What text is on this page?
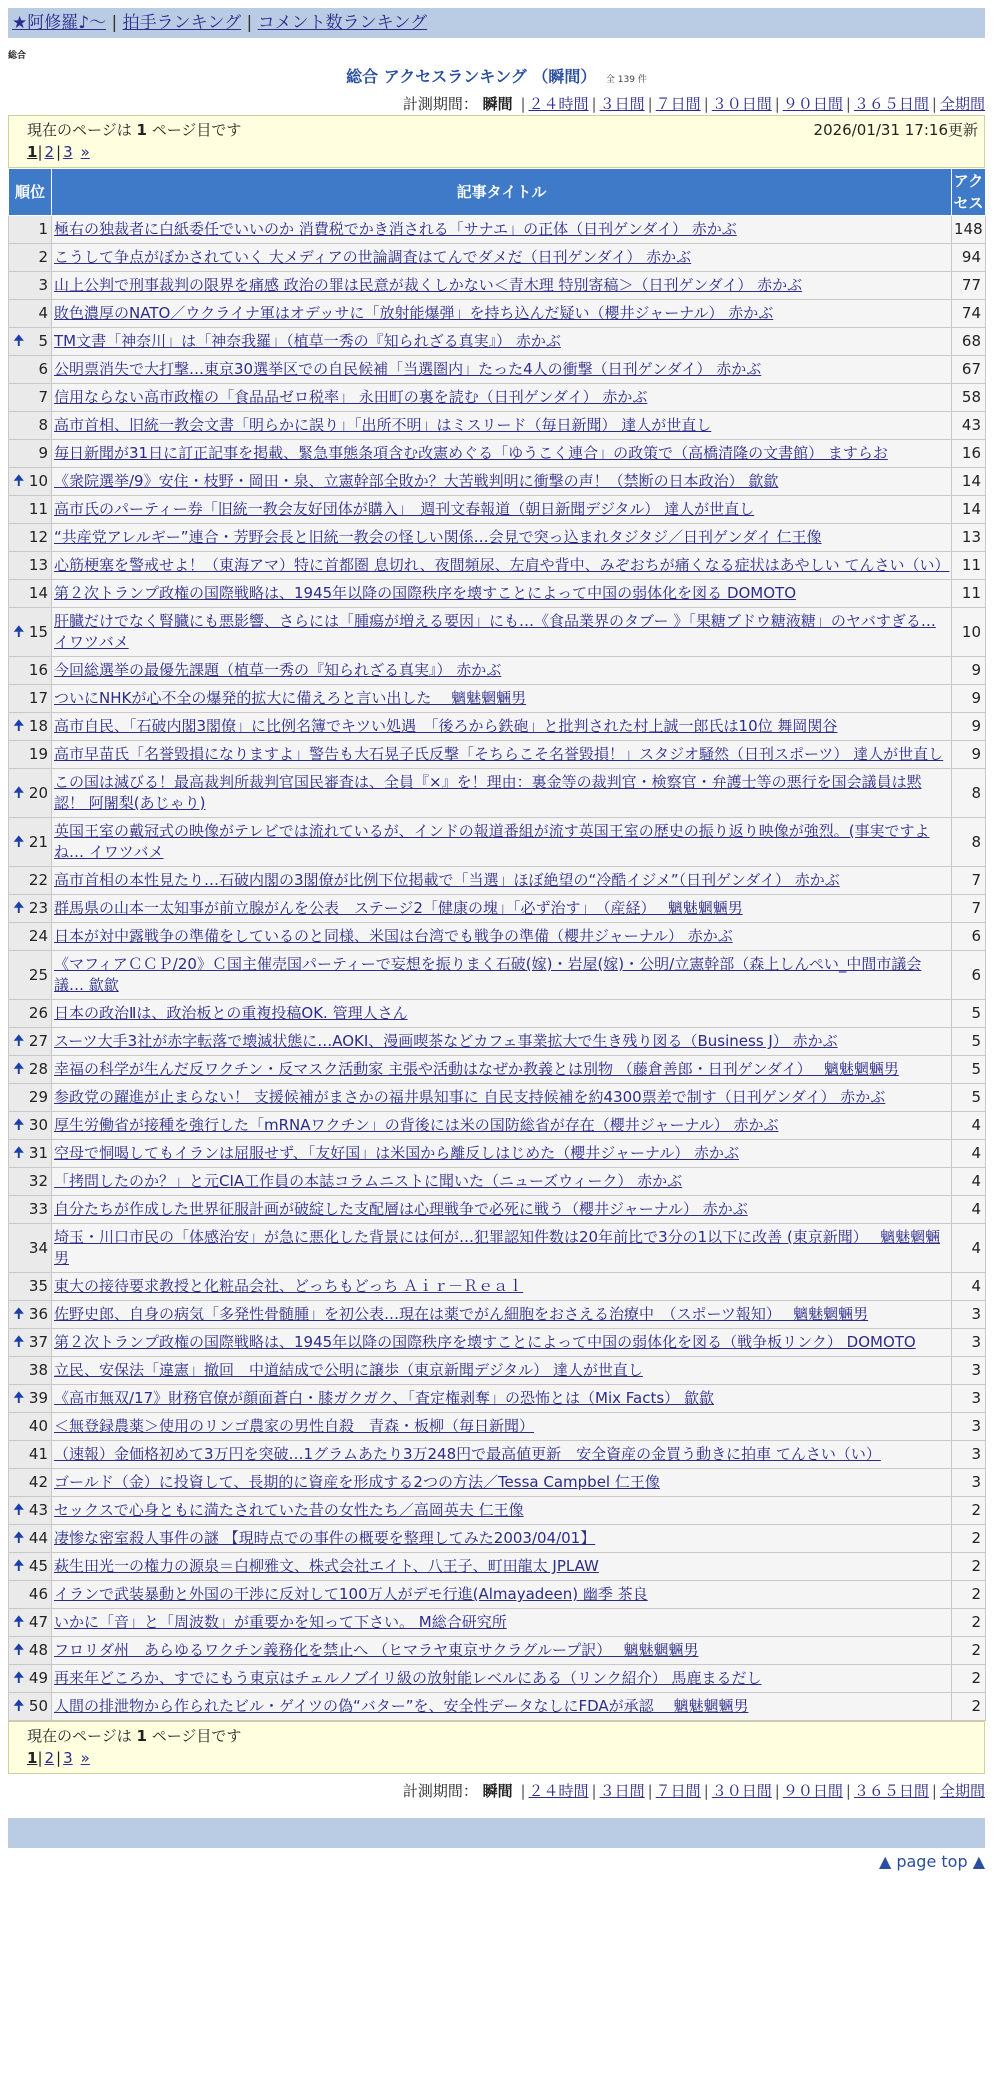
★阿修羅♪～ | 拍手ランキング | コメント数ランキング
総合
総合 アクセスランキング （瞬間） 全 139 件
計測期間： 瞬間 | ２４時間 | ３日間 | ７日間 | ３０日間 | ９０日間 | ３６５日間 | 全期間
現在のページは 1 ページ目です	2026/01/31 17:16更新
1| 2 | 3 »
順位	記事タイトル	アクセス
1	極右の独裁者に白紙委任でいいのか 消費税でかき消される「サナエ」の正体（日刊ゲンダイ） 赤かぶ	148
2	こうして争点がぼかされていく 大メディアの世論調査はてんでダメだ（日刊ゲンダイ） 赤かぶ	94
3	山上公判で刑事裁判の限界を痛感 政治の罪は民意が裁くしかない＜青木理 特別寄稿＞（日刊ゲンダイ） 赤かぶ	77
4	敗色濃厚のNATO／ウクライナ軍はオデッサに「放射能爆弾」を持ち込んだ疑い（櫻井ジャーナル） 赤かぶ	74

🠉 5	TM文書「神奈川」は「神奈我羅」（植草一秀の『知られざる真実』） 赤かぶ	68
6	公明票消失で大打撃…東京30選挙区での自民候補「当選圏内」たった4人の衝撃（日刊ゲンダイ） 赤かぶ	67
7	信用ならない高市政権の「食品品ゼロ税率」 永田町の裏を読む（日刊ゲンダイ） 赤かぶ	58
8	高市首相、旧統一教会文書「明らかに誤り」「出所不明」はミスリード（毎日新聞） 達人が世直し	43
9	毎日新聞が31日に訂正記事を掲載、緊急事態条項含む改憲めぐる「ゆうこく連合」の政策で（高橋清隆の文書館） ますらお	16

🠉 10	《衆院選挙/9》安住・枝野・岡田・泉、立憲幹部全敗か？大苦戦判明に衝撃の声！（禁断の日本政治） 歙歙	14
11	高市氏のパーティー券「旧統一教会友好団体が購入」　週刊文春報道（朝日新聞デジタル） 達人が世直し	14
12	“共産党アレルギー”連合・芳野会長と旧統一教会の怪しい関係…会見で突っ込まれタジタジ／日刊ゲンダイ 仁王像	13
13	心筋梗塞を警戒せよ！（東海アマ）特に首都圏 息切れ、夜間頻尿、左肩や背中、みぞおちが痛くなる症状はあやしい てんさい（い）	11
14	第２次トランプ政権の国際戦略は、1945年以降の国際秩序を壊すことによって中国の弱体化を図る DOMOTO	11

🠉 15	肝臓だけでなく腎臓にも悪影響、さらには「腫瘍が増える要因」にも…《食品業界のタブー 》「果糖ブドウ糖液糖」のヤバすぎる… イワツバメ	10
16	今回総選挙の最優先課題（植草一秀の『知られざる真実』） 赤かぶ	9
17	ついにNHKが心不全の爆発的拡大に備えろと言い出した　 魑魅魍魎男	9

🠉 18	高市自民、「石破内閣3閣僚」に比例名簿でキツい処遇　「後ろから鉄砲」と批判された村上誠一郎氏は10位 舞岡関谷	9
19	高市早苗氏「名誉毀損になりますよ」警告も大石晃子氏反撃「そちらこそ名誉毀損！」スタジオ騒然（日刊スポーツ） 達人が世直し	9

🠉 20	この国は滅びる！最高裁判所裁判官国民審査は、全員『×』を！理由：裏金等の裁判官・検察官・弁護士等の悪行を国会議員は黙認！ 阿闍梨(あじゃり)	8

🠉 21	英国王室の戴冠式の映像がテレビでは流れているが、インドの報道番組が流す英国王室の歴史の振り返り映像が強烈。(事実ですよね… イワツバメ	8
22	高市首相の本性見たり…石破内閣の3閣僚が比例下位掲載で「当選」ほぼ絶望の“冷酷イジメ”（日刊ゲンダイ） 赤かぶ	7

🠉 23	群馬県の山本一太知事が前立腺がんを公表　ステージ2「健康の塊」「必ず治す」　（産経）　 魑魅魍魎男	7
24	日本が対中露戦争の準備をしているのと同様、米国は台湾でも戦争の準備（櫻井ジャーナル） 赤かぶ	6
25	《マフィアＣＣＰ/20》Ｃ国主催売国パーティーで妄想を振りまく石破(嫁)・岩屋(嫁)・公明/立憲幹部（森上しんぺい_中間市議会議… 歙歙	6
26	日本の政治Ⅱは、政治板との重複投稿OK. 管理人さん	5

🠉 27	スーツ大手3社が赤字転落で壊滅状態に…AOKI、漫画喫茶などカフェ事業拡大で生き残り図る（Business J） 赤かぶ	5

🠉 28	幸福の科学が生んだ反ワクチン・反マスク活動家 主張や活動はなぜか教義とは別物 （藤倉善郎・日刊ゲンダイ）　 魑魅魍魎男	5
29	参政党の躍進が止まらない！ 支援候補がまさかの福井県知事に 自民支持候補を約4300票差で制す（日刊ゲンダイ） 赤かぶ	5

🠉 30	厚生労働省が接種を強行した「mRNAワクチン」の背後には米の国防総省が存在（櫻井ジャーナル） 赤かぶ	4

🠉 31	空母で恫喝してもイランは屈服せず、「友好国」は米国から離反しはじめた（櫻井ジャーナル） 赤かぶ	4
32	「拷問したのか？」と元CIA工作員の本誌コラムニストに聞いた（ニューズウィーク） 赤かぶ	4
33	自分たちが作成した世界征服計画が破綻した支配層は心理戦争で必死に戦う（櫻井ジャーナル） 赤かぶ	4
34	埼玉・川口市民の「体感治安」が急に悪化した背景には何が…犯罪認知件数は20年前比で3分の1以下に改善 (東京新聞）　 魑魅魍魎男	4
35	東大の接待要求教授と化粧品会社、どっちもどっち Ａｉｒ－Ｒｅａｌ	4

🠉 36	佐野史郎、自身の病気「多発性骨髄腫」を初公表…現在は薬でがん細胞をおさえる治療中　（スポーツ報知）　 魑魅魍魎男	3

🠉 37	第２次トランプ政権の国際戦略は、1945年以降の国際秩序を壊すことによって中国の弱体化を図る（戦争板リンク） DOMOTO	3
38	立民、安保法「違憲」撤回　中道結成で公明に譲歩（東京新聞デジタル） 達人が世直し	3

🠉 39	《高市無双/17》財務官僚が顔面蒼白・膝ガクガク、「査定権剥奪」の恐怖とは（Mix Facts） 歙歙	3
40	＜無登録農薬＞使用のリンゴ農家の男性自殺　青森・板柳（毎日新聞）	3
41	（速報）金価格初めて3万円を突破…1グラムあたり3万248円で最高値更新　安全資産の金買う動きに拍車 てんさい（い）	3
42	ゴールド（金）に投資して、長期的に資産を形成する2つの方法／Tessa Campbel 仁王像	3

🠉 43	セックスで心身ともに満たされていた昔の女性たち／高岡英夫 仁王像	2

🠉 44	凄惨な密室殺人事件の謎 【現時点での事件の概要を整理してみた2003/04/01】	2

🠉 45	萩生田光一の権力の源泉＝白柳雅文、株式会社エイト、八王子、町田龍太 JPLAW	2
46	イランで武装暴動と外国の干渉に反対して100万人がデモ行進(Almayadeen) 幽季 茶良	2

🠉 47	いかに「音」と「周波数」が重要かを知って下さい。 M総合研究所	2

🠉 48	フロリダ州　あらゆるワクチン義務化を禁止へ （ヒマラヤ東京サクラグループ訳）　 魑魅魍魎男	2

🠉 49	再来年どころか、すでにもう東京はチェルノブイリ級の放射能レベルにある（リンク紹介） 馬鹿まるだし	2

🠉 50	人間の排泄物から作られたビル・ゲイツの偽“バター”を、安全性データなしにFDAが承認　 魑魅魍魎男	2
現在のページは 1 ページ目です
1| 2 | 3 »
計測期間： 瞬間 | ２４時間 | ３日間 | ７日間 | ３０日間 | ９０日間 | ３６５日間 | 全期間
▲ page top ▲
